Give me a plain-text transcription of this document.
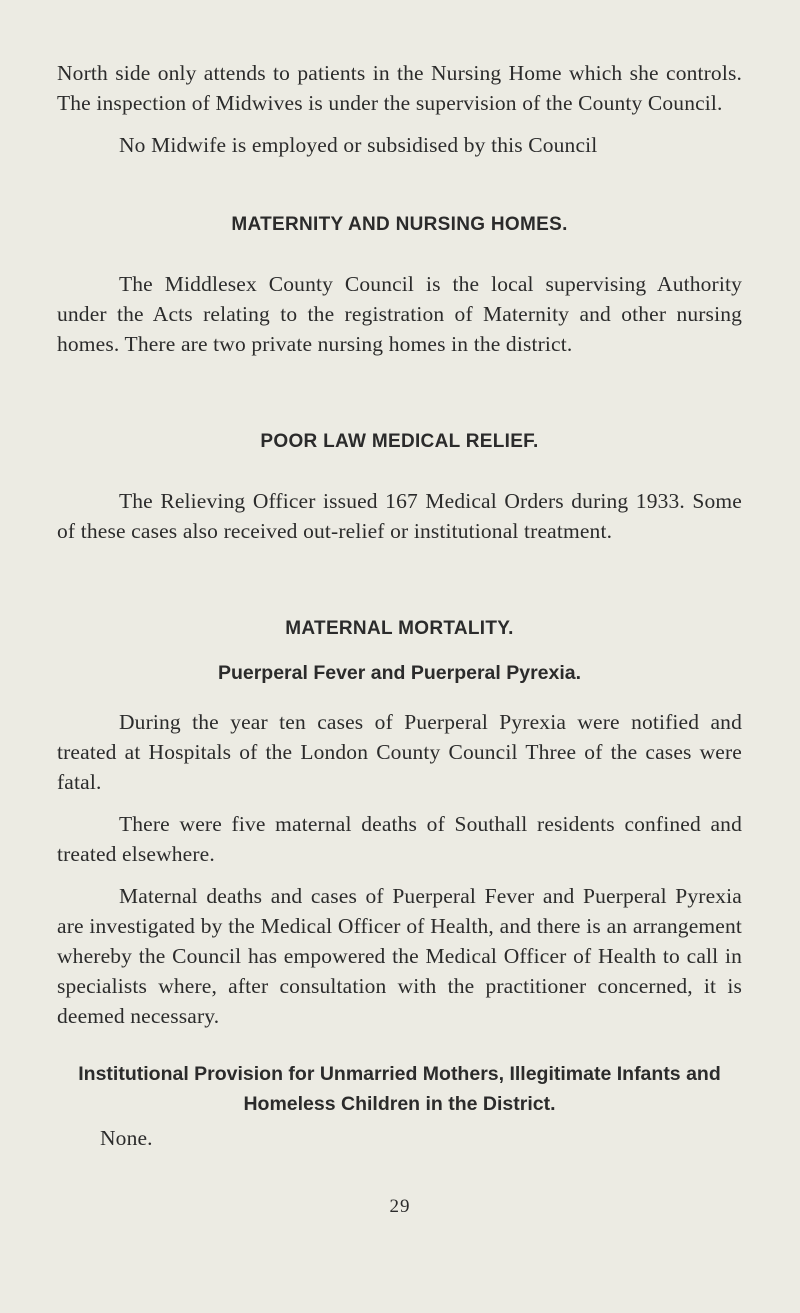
North side only attends to patients in the Nursing Home which she controls. The inspection of Midwives is under the supervision of the County Council.

No Midwife is employed or subsidised by this Council

MATERNITY AND NURSING HOMES.

The Middlesex County Council is the local supervising Authority under the Acts relating to the registration of Maternity and other nursing homes. There are two private nursing homes in the district.

POOR LAW MEDICAL RELIEF.

The Relieving Officer issued 167 Medical Orders during 1933. Some of these cases also received out-relief or institutional treatment.

MATERNAL MORTALITY.
Puerperal Fever and Puerperal Pyrexia.

During the year ten cases of Puerperal Pyrexia were notified and treated at Hospitals of the London County Council Three of the cases were fatal.

There were five maternal deaths of Southall residents confined and treated elsewhere.

Maternal deaths and cases of Puerperal Fever and Puerperal Pyrexia are investigated by the Medical Officer of Health, and there is an arrangement whereby the Council has empowered the Medical Officer of Health to call in specialists where, after consultation with the practitioner concerned, it is deemed necessary.

Institutional Provision for Unmarried Mothers, Illegitimate Infants and Homeless Children in the District.

None.

29
